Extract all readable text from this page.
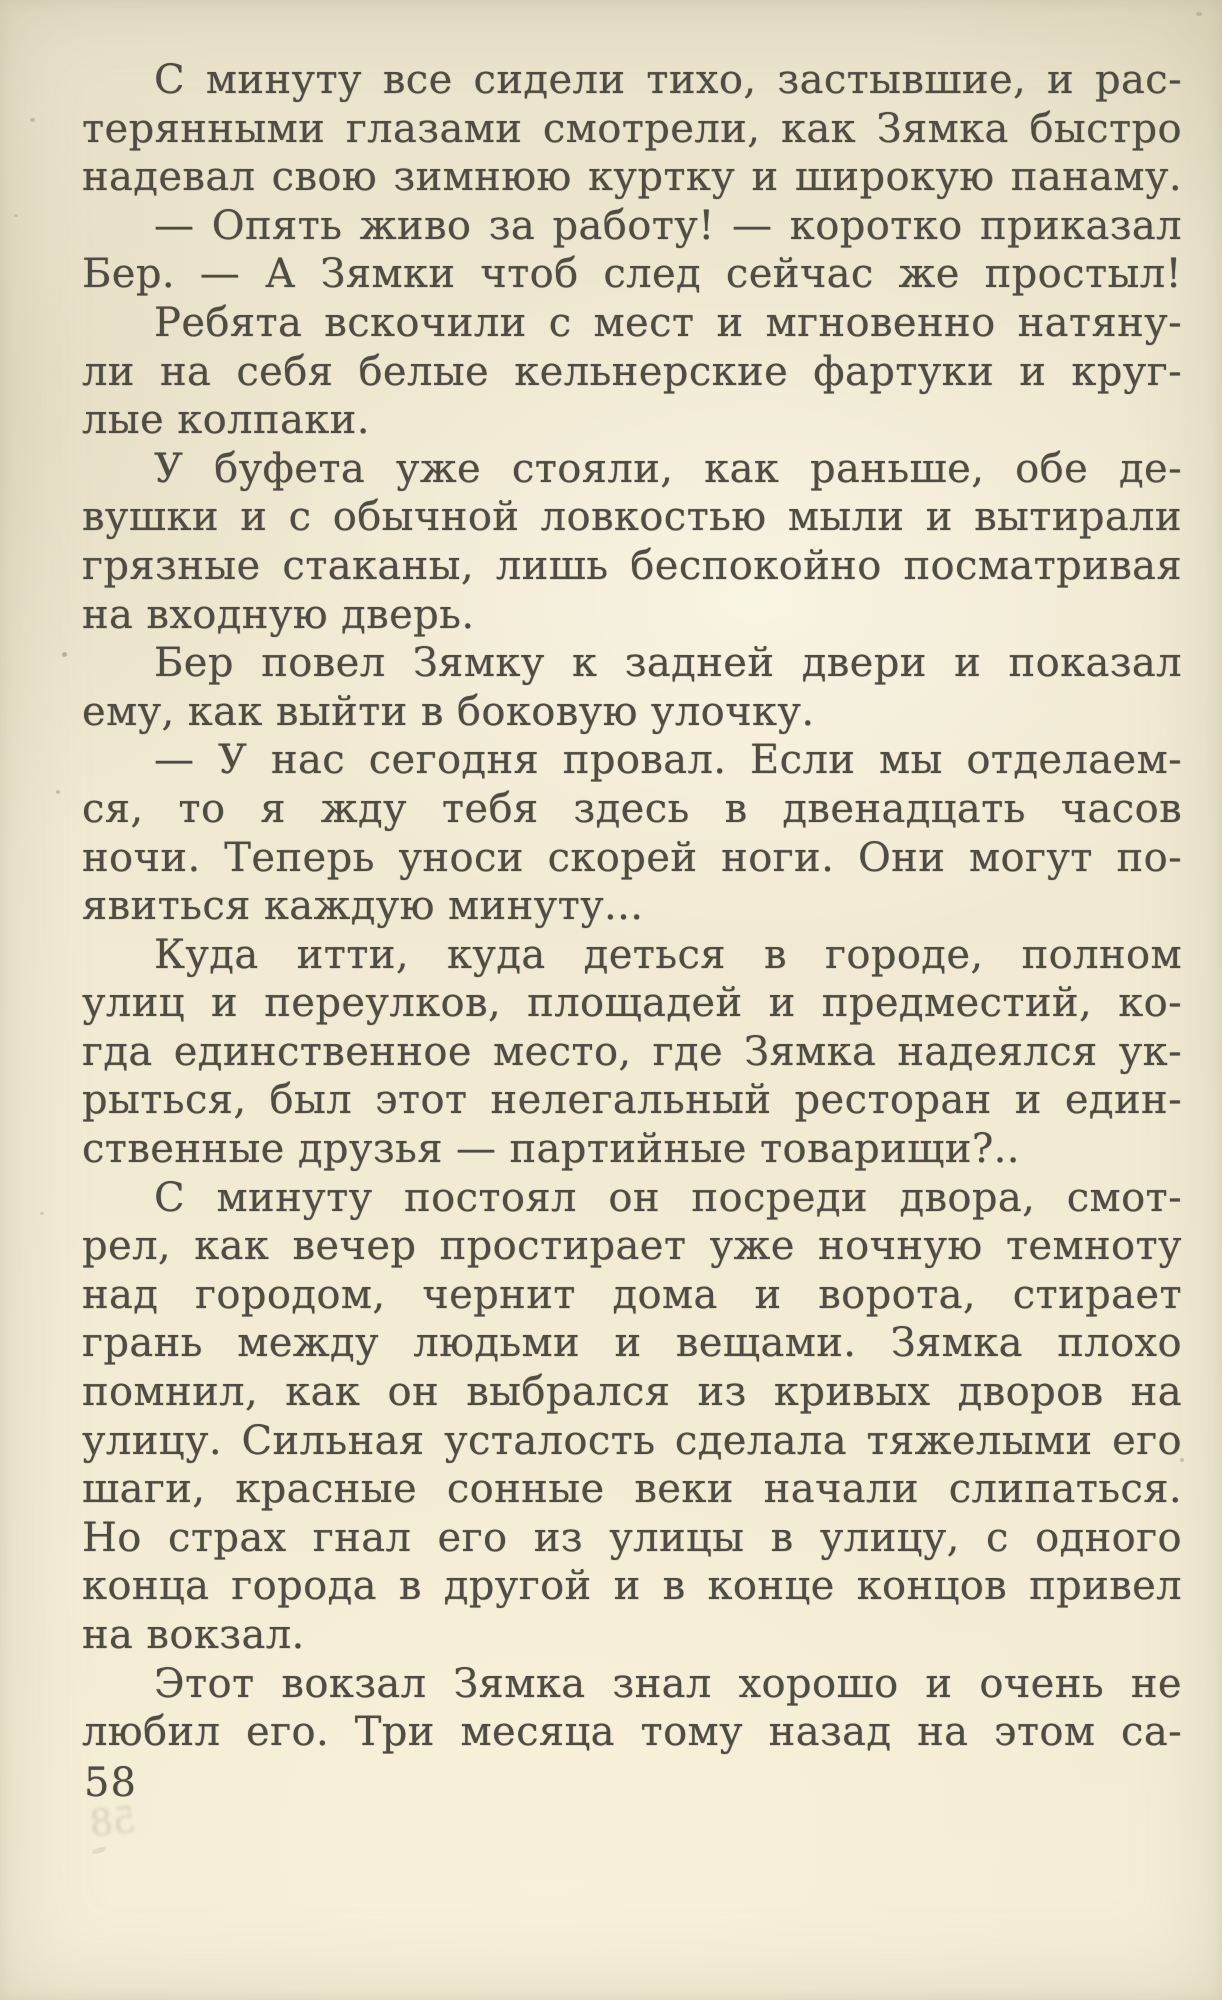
С минуту все сидели тихо, застывшие, и рас-
терянными глазами смотрели, как Зямка быстро
надевал свою зимнюю куртку и широкую панаму.
— Опять живо за работу! — коротко приказал
Бер. — А Зямки чтоб след сейчас же простыл!
Ребята вскочили с мест и мгновенно натяну-
ли на себя белые кельнерские фартуки и круг-
лые колпаки.
У буфета уже стояли, как раньше, обе де-
вушки и с обычной ловкостью мыли и вытирали
грязные стаканы, лишь беспокойно посматривая
на входную дверь.
Бер повел Зямку к задней двери и показал
ему, как выйти в боковую улочку.
— У нас сегодня провал. Если мы отделаем-
ся, то я жду тебя здесь в двенадцать часов
ночи. Теперь уноси скорей ноги. Они могут по-
явиться каждую минуту...
Куда итти, куда деться в городе, полном
улиц и переулков, площадей и предместий, ко-
гда единственное место, где Зямка надеялся ук-
рыться, был этот нелегальный ресторан и един-
ственные друзья — партийные товарищи?..
С минуту постоял он посреди двора, смот-
рел, как вечер простирает уже ночную темноту
над городом, чернит дома и ворота, стирает
грань между людьми и вещами. Зямка плохо
помнил, как он выбрался из кривых дворов на
улицу. Сильная усталость сделала тяжелыми его
шаги, красные сонные веки начали слипаться.
Но страх гнал его из улицы в улицу, с одного
конца города в другой и в конце концов привел
на вокзал.
Этот вокзал Зямка знал хорошо и очень не
любил его. Три месяца тому назад на этом са-
58
58
